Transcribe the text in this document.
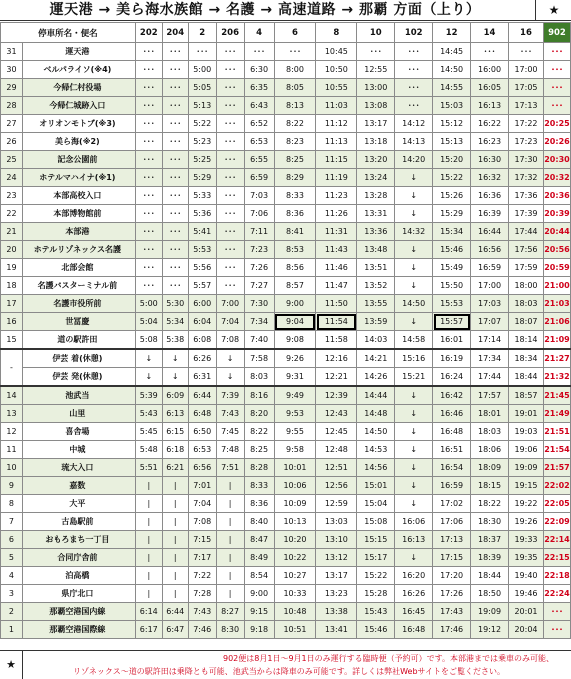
運天港 → 美ら海水族館 → 名護 → 高速道路 → 那覇 方面（上り）	★
停車所名・便名		202	204	2	206	4	6	8	10	102	12	14	16	902
31	運天港	･･･	･･･	･･･	･･･	･･･	･･･	10:45	･･･	･･･	14:45	･･･	･･･	･･･
30	ベルパライソ(※4)	･･･	･･･	5:00	･･･	6:30	8:00	10:50	12:55	･･･	14:50	16:00	17:00	･･･
29	今帰仁村役場	･･･	･･･	5:05	･･･	6:35	8:05	10:55	13:00	･･･	14:55	16:05	17:05	･･･
28	今帰仁城跡入口	･･･	･･･	5:13	･･･	6:43	8:13	11:03	13:08	･･･	15:03	16:13	17:13	･･･
27	オリオンモトブ(※3)	･･･	･･･	5:22	･･･	6:52	8:22	11:12	13:17	14:12	15:12	16:22	17:22	20:25
26	美ら海(※2)	･･･	･･･	5:23	･･･	6:53	8:23	11:13	13:18	14:13	15:13	16:23	17:23	20:26
25	記念公園前	･･･	･･･	5:25	･･･	6:55	8:25	11:15	13:20	14:20	15:20	16:30	17:30	20:30
24	ホテルマハイナ(※1)	･･･	･･･	5:29	･･･	6:59	8:29	11:19	13:24	↓	15:22	16:32	17:32	20:32
23	本部高校入口	･･･	･･･	5:33	･･･	7:03	8:33	11:23	13:28	↓	15:26	16:36	17:36	20:36
22	本部博物館前	･･･	･･･	5:36	･･･	7:06	8:36	11:26	13:31	↓	15:29	16:39	17:39	20:39
21	本部港	･･･	･･･	5:41	･･･	7:11	8:41	11:31	13:36	14:32	15:34	16:44	17:44	20:44
20	ホテルリゾネックス名護	･･･	･･･	5:53	･･･	7:23	8:53	11:43	13:48	↓	15:46	16:56	17:56	20:56
19	北部会館	･･･	･･･	5:56	･･･	7:26	8:56	11:46	13:51	↓	15:49	16:59	17:59	20:59
18	名護バスターミナル前	･･･	･･･	5:57	･･･	7:27	8:57	11:47	13:52	↓	15:50	17:00	18:00	21:00
17	名護市役所前	5:00	5:30	6:00	7:00	7:30	9:00	11:50	13:55	14:50	15:53	17:03	18:03	21:03
16	世冨慶	5:04	5:34	6:04	7:04	7:34	9:04	11:54	13:59	↓	15:57	17:07	18:07	21:06
15	道の駅許田	5:08	5:38	6:08	7:08	7:40	9:08	11:58	14:03	14:58	16:01	17:14	18:14	21:09
-	伊芸 着(休憩)	↓	↓	6:26	↓	7:58	9:26	12:16	14:21	15:16	16:19	17:34	18:34	21:27
	伊芸 発(休憩)	↓	↓	6:31	↓	8:03	9:31	12:21	14:26	15:21	16:24	17:44	18:44	21:32
14	池武当	5:39	6:09	6:44	7:39	8:16	9:49	12:39	14:44	↓	16:42	17:57	18:57	21:45
13	山里	5:43	6:13	6:48	7:43	8:20	9:53	12:43	14:48	↓	16:46	18:01	19:01	21:49
12	喜舎場	5:45	6:15	6:50	7:45	8:22	9:55	12:45	14:50	↓	16:48	18:03	19:03	21:51
11	中城	5:48	6:18	6:53	7:48	8:25	9:58	12:48	14:53	↓	16:51	18:06	19:06	21:54
10	琉大入口	5:51	6:21	6:56	7:51	8:28	10:01	12:51	14:56	↓	16:54	18:09	19:09	21:57
9	嘉数	|	|	7:01	|	8:33	10:06	12:56	15:01	↓	16:59	18:15	19:15	22:02
8	大平	|	|	7:04	|	8:36	10:09	12:59	15:04	↓	17:02	18:22	19:22	22:05
7	古島駅前	|	|	7:08	|	8:40	10:13	13:03	15:08	16:06	17:06	18:30	19:26	22:09
6	おもろまち一丁目	|	|	7:15	|	8:47	10:20	13:10	15:15	16:13	17:13	18:37	19:33	22:14
5	合同庁舎前	|	|	7:17	|	8:49	10:22	13:12	15:17	↓	17:15	18:39	19:35	22:15
4	泊高橋	|	|	7:22	|	8:54	10:27	13:17	15:22	16:20	17:20	18:44	19:40	22:18
3	県庁北口	|	|	7:28	|	9:00	10:33	13:23	15:28	16:26	17:26	18:50	19:46	22:24
2	那覇空港国内線	6:14	6:44	7:43	8:27	9:15	10:48	13:38	15:43	16:45	17:43	19:09	20:01	･･･
1	那覇空港国際線	6:17	6:47	7:46	8:30	9:18	10:51	13:41	15:46	16:48	17:46	19:12	20:04	･･･
★	902便は8月1日～9月1日のみ運行する臨時便（予約可）です。本部港までは乗車のみ可能、
リゾネックス～道の駅許田は乗降とも可能、池武当からは降車のみ可能です。詳しくは弊社Webサイトをご覧ください。
